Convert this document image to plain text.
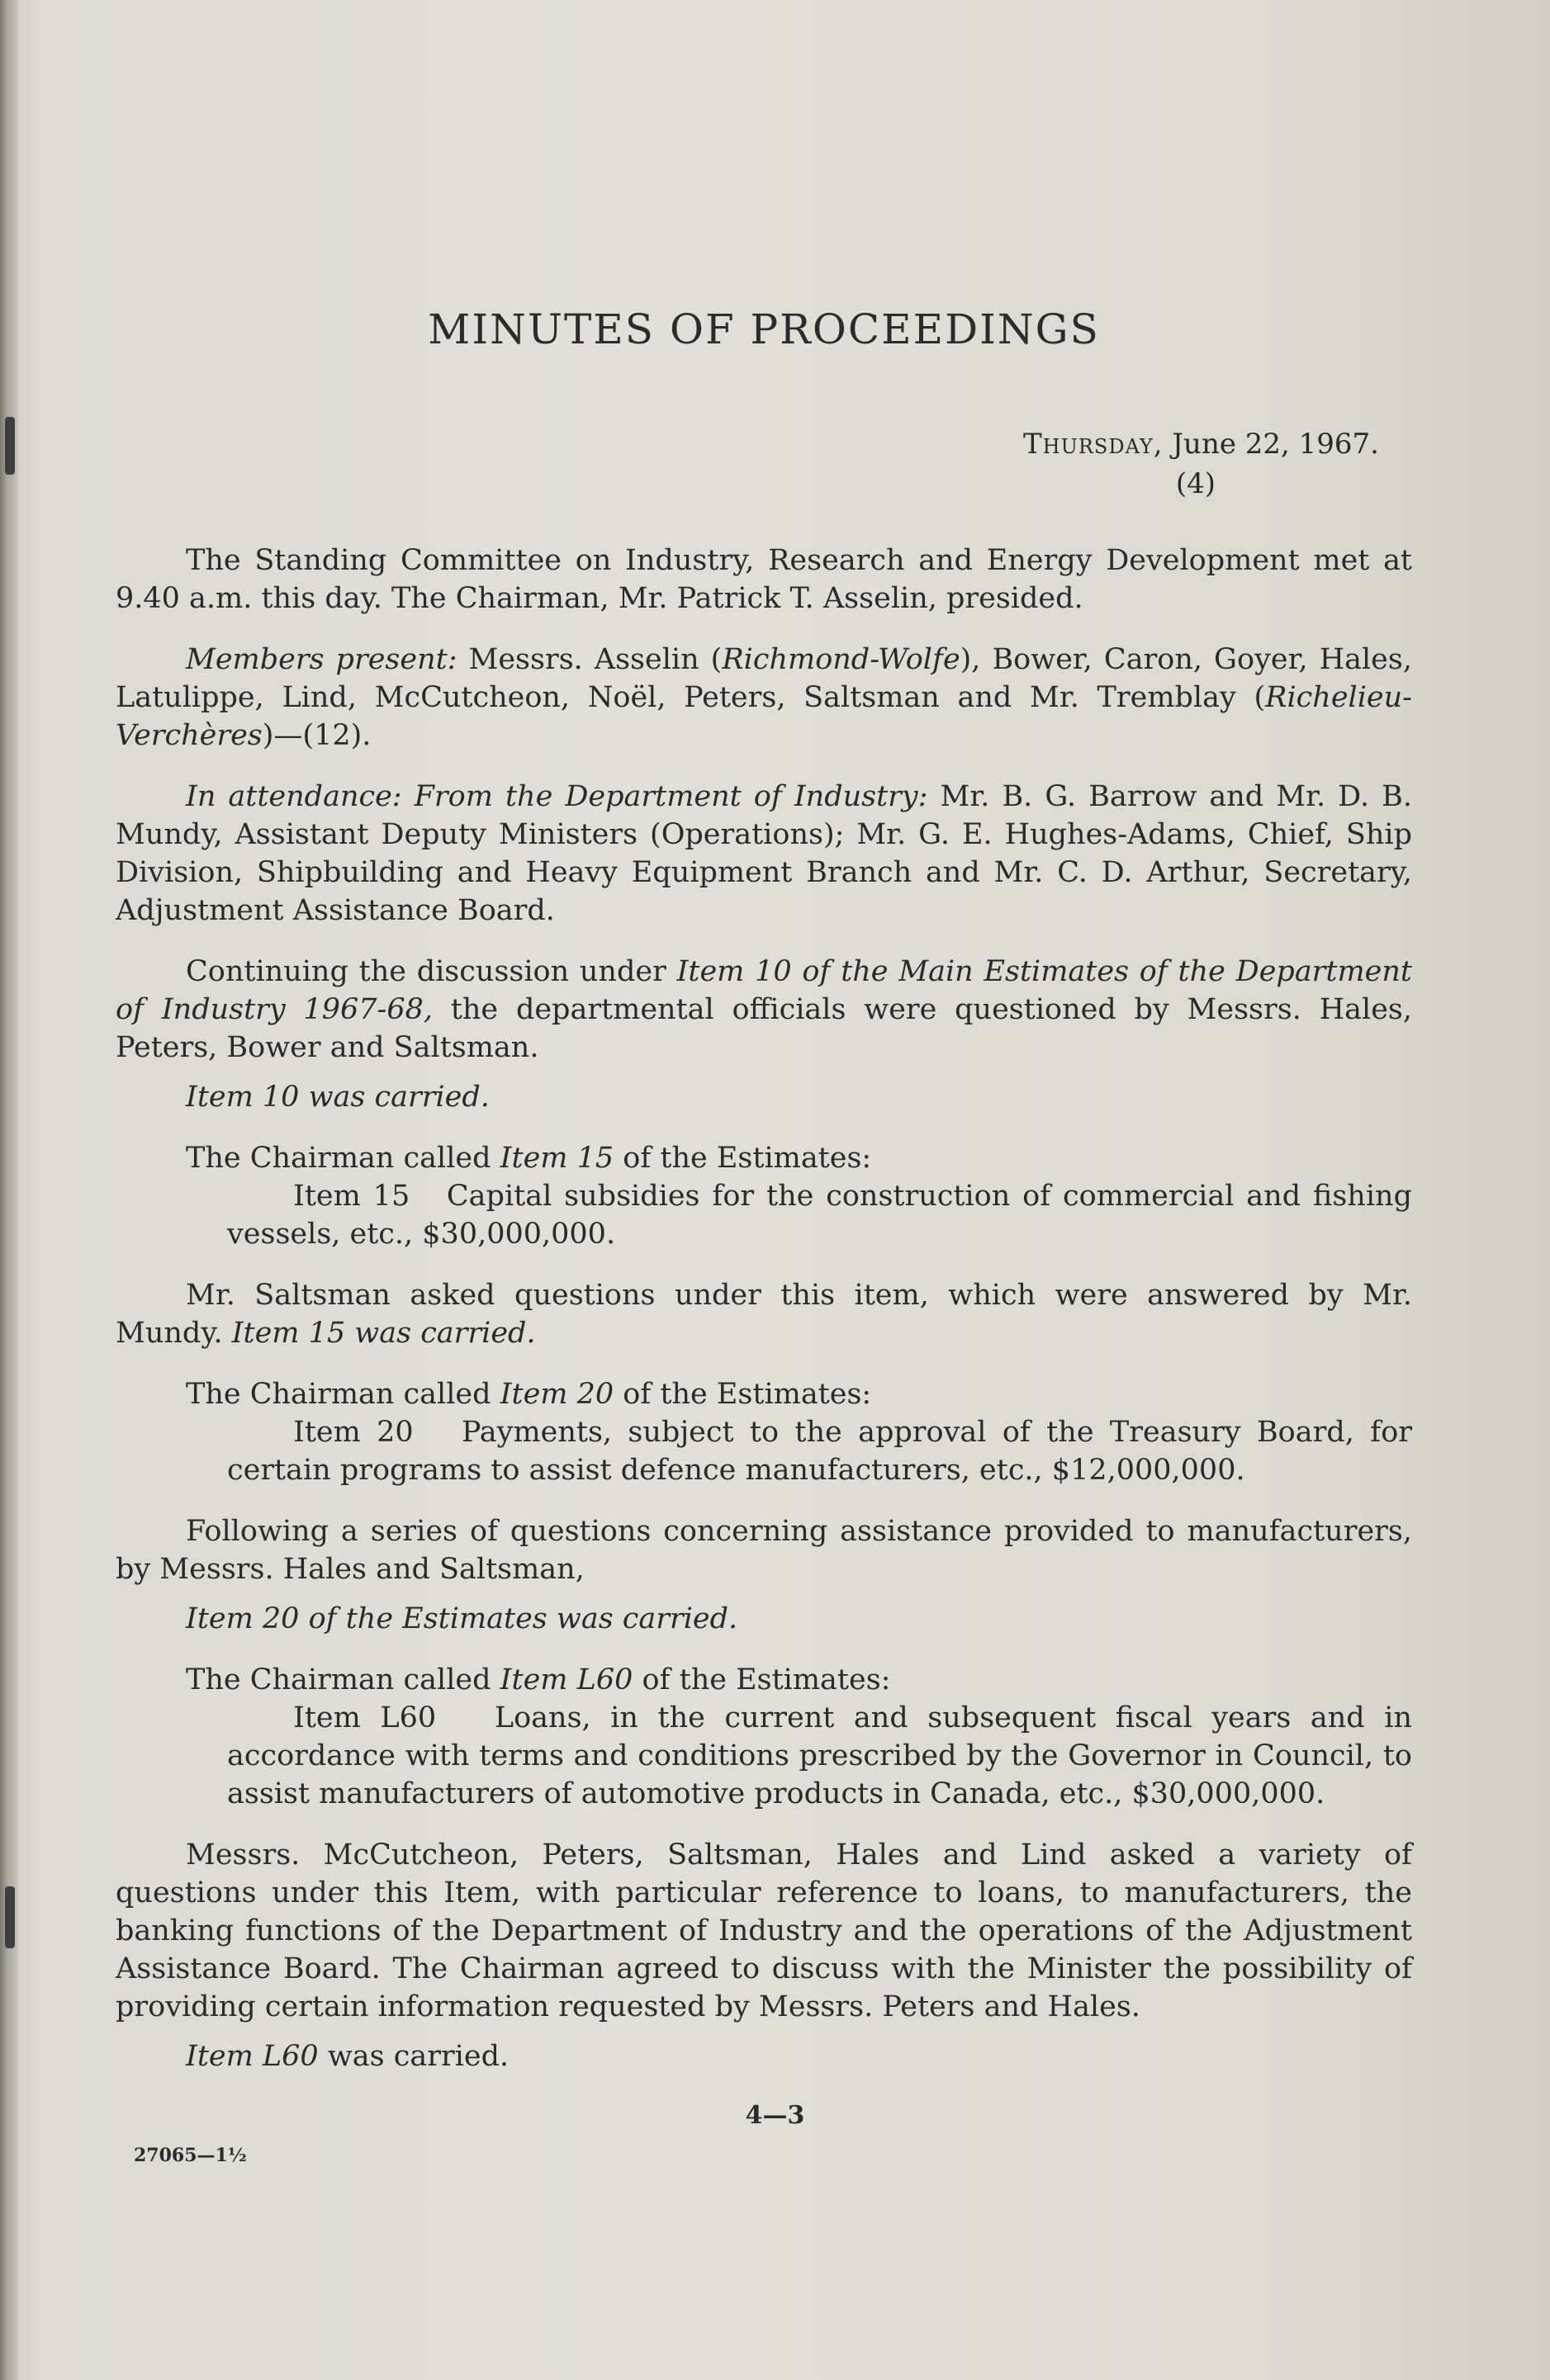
MINUTES OF PROCEEDINGS
Thursday, June 22, 1967.
(4)

The Standing Committee on Industry, Research and Energy Development met at 9.40 a.m. this day. The Chairman, Mr. Patrick T. Asselin, presided.

Members present: Messrs. Asselin (Richmond-Wolfe), Bower, Caron, Goyer, Hales, Latulippe, Lind, McCutcheon, Noël, Peters, Saltsman and Mr. Tremblay (Richelieu-Verchères)—(12).

In attendance: From the Department of Industry: Mr. B. G. Barrow and Mr. D. B. Mundy, Assistant Deputy Ministers (Operations); Mr. G. E. Hughes-Adams, Chief, Ship Division, Shipbuilding and Heavy Equipment Branch and Mr. C. D. Arthur, Secretary, Adjustment Assistance Board.

Continuing the discussion under Item 10 of the Main Estimates of the Department of Industry 1967-68, the departmental officials were questioned by Messrs. Hales, Peters, Bower and Saltsman.

Item 10 was carried.

The Chairman called Item 15 of the Estimates:

Item 15   Capital subsidies for the construction of commercial and fishing vessels, etc., $30,000,000.

Mr. Saltsman asked questions under this item, which were answered by Mr. Mundy. Item 15 was carried.

The Chairman called Item 20 of the Estimates:

Item 20   Payments, subject to the approval of the Treasury Board, for certain programs to assist defence manufacturers, etc., $12,000,000.

Following a series of questions concerning assistance provided to manufacturers, by Messrs. Hales and Saltsman,

Item 20 of the Estimates was carried.

The Chairman called Item L60 of the Estimates:

Item L60   Loans, in the current and subsequent fiscal years and in accordance with terms and conditions prescribed by the Governor in Council, to assist manufacturers of automotive products in Canada, etc., $30,000,000.

Messrs. McCutcheon, Peters, Saltsman, Hales and Lind asked a variety of questions under this Item, with particular reference to loans, to manufacturers, the banking functions of the Department of Industry and the operations of the Adjustment Assistance Board. The Chairman agreed to discuss with the Minister the possibility of providing certain information requested by Messrs. Peters and Hales.

Item L60 was carried.

4—3
27065—1½
